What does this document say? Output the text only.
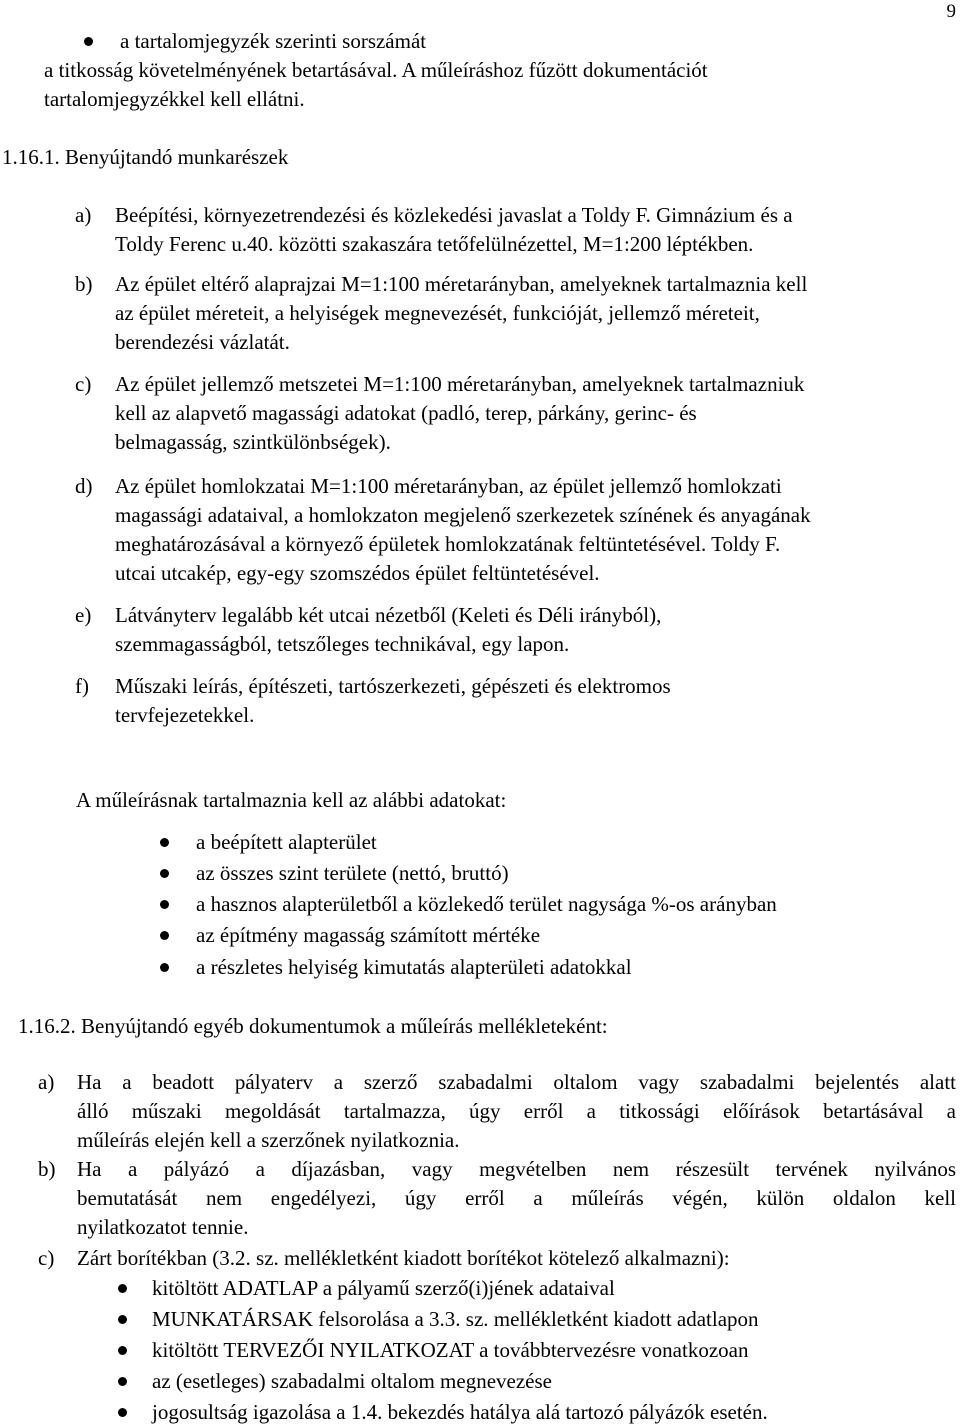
9
a tartalomjegyzék szerinti sorszámát
a titkosság követelményének betartásával. A műleíráshoz fűzött dokumentációt
tartalomjegyzékkel kell ellátni.
1.16.1. Benyújtandó munkarészek
a) Beépítési, környezetrendezési és közlekedési javaslat a Toldy F. Gimnázium és a
Toldy Ferenc u.40. közötti szakaszára tetőfelülnézettel, M=1:200 léptékben.
b) Az épület eltérő alaprajzai M=1:100 méretarányban, amelyeknek tartalmaznia kell
az épület méreteit, a helyiségek megnevezését, funkcióját, jellemző méreteit,
berendezési vázlatát.
c) Az épület jellemző metszetei M=1:100 méretarányban, amelyeknek tartalmazniuk
kell az alapvető magassági adatokat (padló, terep, párkány, gerinc- és
belmagasság, szintkülönbségek).
d) Az épület homlokzatai M=1:100 méretarányban, az épület jellemző homlokzati
magassági adataival, a homlokzaton megjelenő szerkezetek színének és anyagának
meghatározásával a környező épületek homlokzatának feltüntetésével. Toldy F.
utcai utcakép, egy-egy szomszédos épület feltüntetésével.
e) Látványterv legalább két utcai nézetből (Keleti és Déli irányból),
szemmagasságból, tetszőleges technikával, egy lapon.
f) Műszaki leírás, építészeti, tartószerkezeti, gépészeti és elektromos
tervfejezetekkel.
A műleírásnak tartalmaznia kell az alábbi adatokat:
a beépített alapterület
az összes szint területe (nettó, bruttó)
a hasznos alapterületből a közlekedő terület nagysága %-os arányban
az építmény magasság számított mértéke
a részletes helyiség kimutatás alapterületi adatokkal
1.16.2. Benyújtandó egyéb dokumentumok a műleírás mellékleteként:
a) Ha a beadott pályaterv a szerző szabadalmi oltalom vagy szabadalmi bejelentés alatt
álló műszaki megoldását tartalmazza, úgy erről a titkossági előírások betartásával a
műleírás elején kell a szerzőnek nyilatkoznia.
b) Ha a pályázó a díjazásban, vagy megvételben nem részesült tervének nyilvános
bemutatását nem engedélyezi, úgy erről a műleírás végén, külön oldalon kell
nyilatkozatot tennie.
c) Zárt borítékban (3.2. sz. mellékletként kiadott borítékot kötelező alkalmazni):
kitöltött ADATLAP a pályamű szerző(i)jének adataival
MUNKATÁRSAK felsorolása a 3.3. sz. mellékletként kiadott adatlapon
kitöltött TERVEZŐI NYILATKOZAT a továbbtervezésre vonatkozoan
az (esetleges) szabadalmi oltalom megnevezése
jogosultság igazolása a 1.4. bekezdés hatálya alá tartozó pályázók esetén.
